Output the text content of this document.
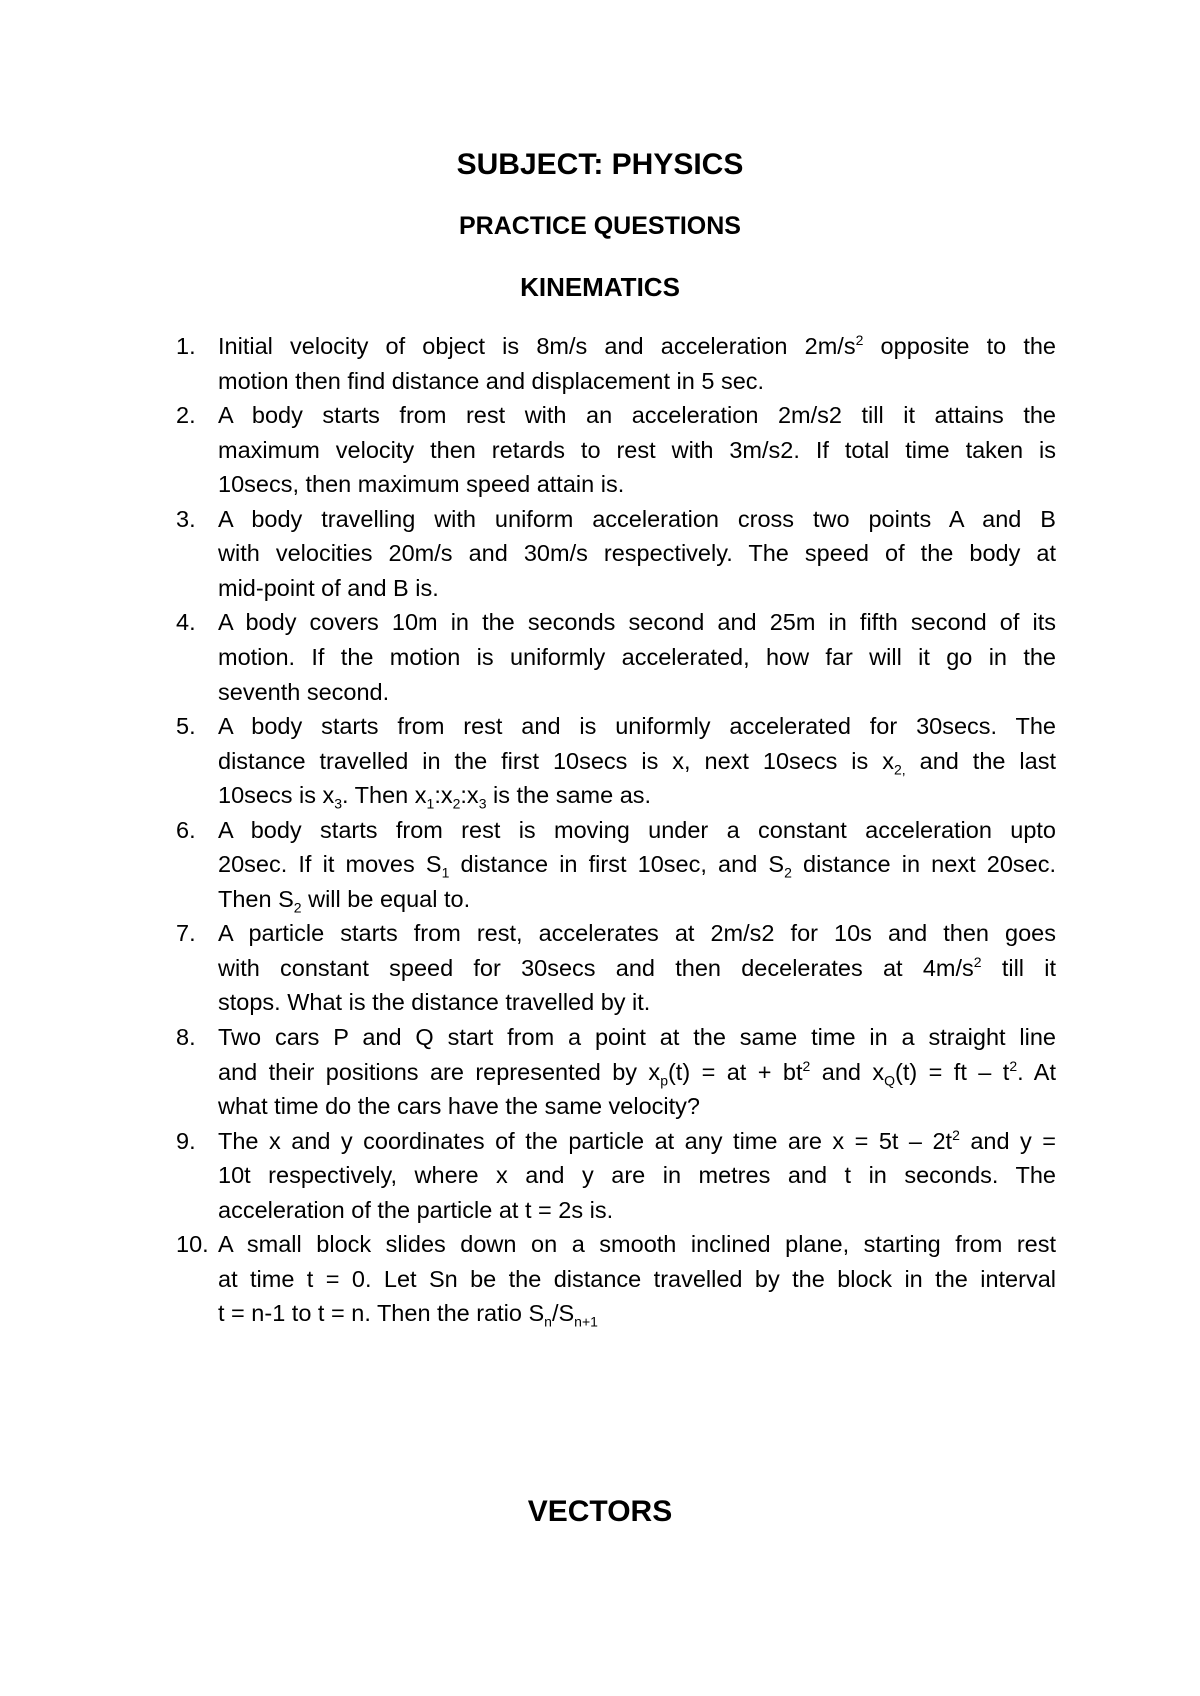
SUBJECT: PHYSICS
PRACTICE QUESTIONS
KINEMATICS
1. Initial velocity of object is 8m/s and acceleration $2m/s^2$ opposite to the
motion then find distance and displacement in 5 sec.
2. A body starts from rest with an acceleration 2m/s2 till it attains the
maximum velocity then retards to rest with 3m/s2. If total time taken is
10secs, then maximum speed attain is.
3. A body travelling with uniform acceleration cross two points A and B
with velocities 20m/s and 30m/s respectively. The speed of the body at
mid-point of and B is.
4. A body covers 10m in the seconds second and 25m in fifth second of its
motion. If the motion is uniformly accelerated, how far will it go in the
seventh second.
5. A body starts from rest and is uniformly accelerated for 30secs. The
distance travelled in the first 10secs is x, next 10secs is $x_{2,}$ and the last
10secs is $x_3$. Then $x_1:x_2:x_3$ is the same as.
6. A body starts from rest is moving under a constant acceleration upto
20sec. If it moves $S_1$ distance in first 10sec, and $S_2$ distance in next 20sec.
Then $S_2$ will be equal to.
7. A particle starts from rest, accelerates at 2m/s2 for 10s and then goes
with constant speed for 30secs and then decelerates at $4m/s^2$ till it
stops. What is the distance travelled by it.
8. Two cars P and Q start from a point at the same time in a straight line
and their positions are represented by $x_p(t)$ = at + $bt^2$ and $x_Q(t)$ = ft – $t^2$. At
what time do the cars have the same velocity?
9. The x and y coordinates of the particle at any time are $x = 5t - 2t^2$ and y =
10t respectively, where x and y are in metres and t in seconds. The
acceleration of the particle at t = 2s is.
10. A small block slides down on a smooth inclined plane, starting from rest
at time t = 0. Let Sn be the distance travelled by the block in the interval
t = n-1 to t = n. Then the ratio $S_n/S_{n+1}$
VECTORS
